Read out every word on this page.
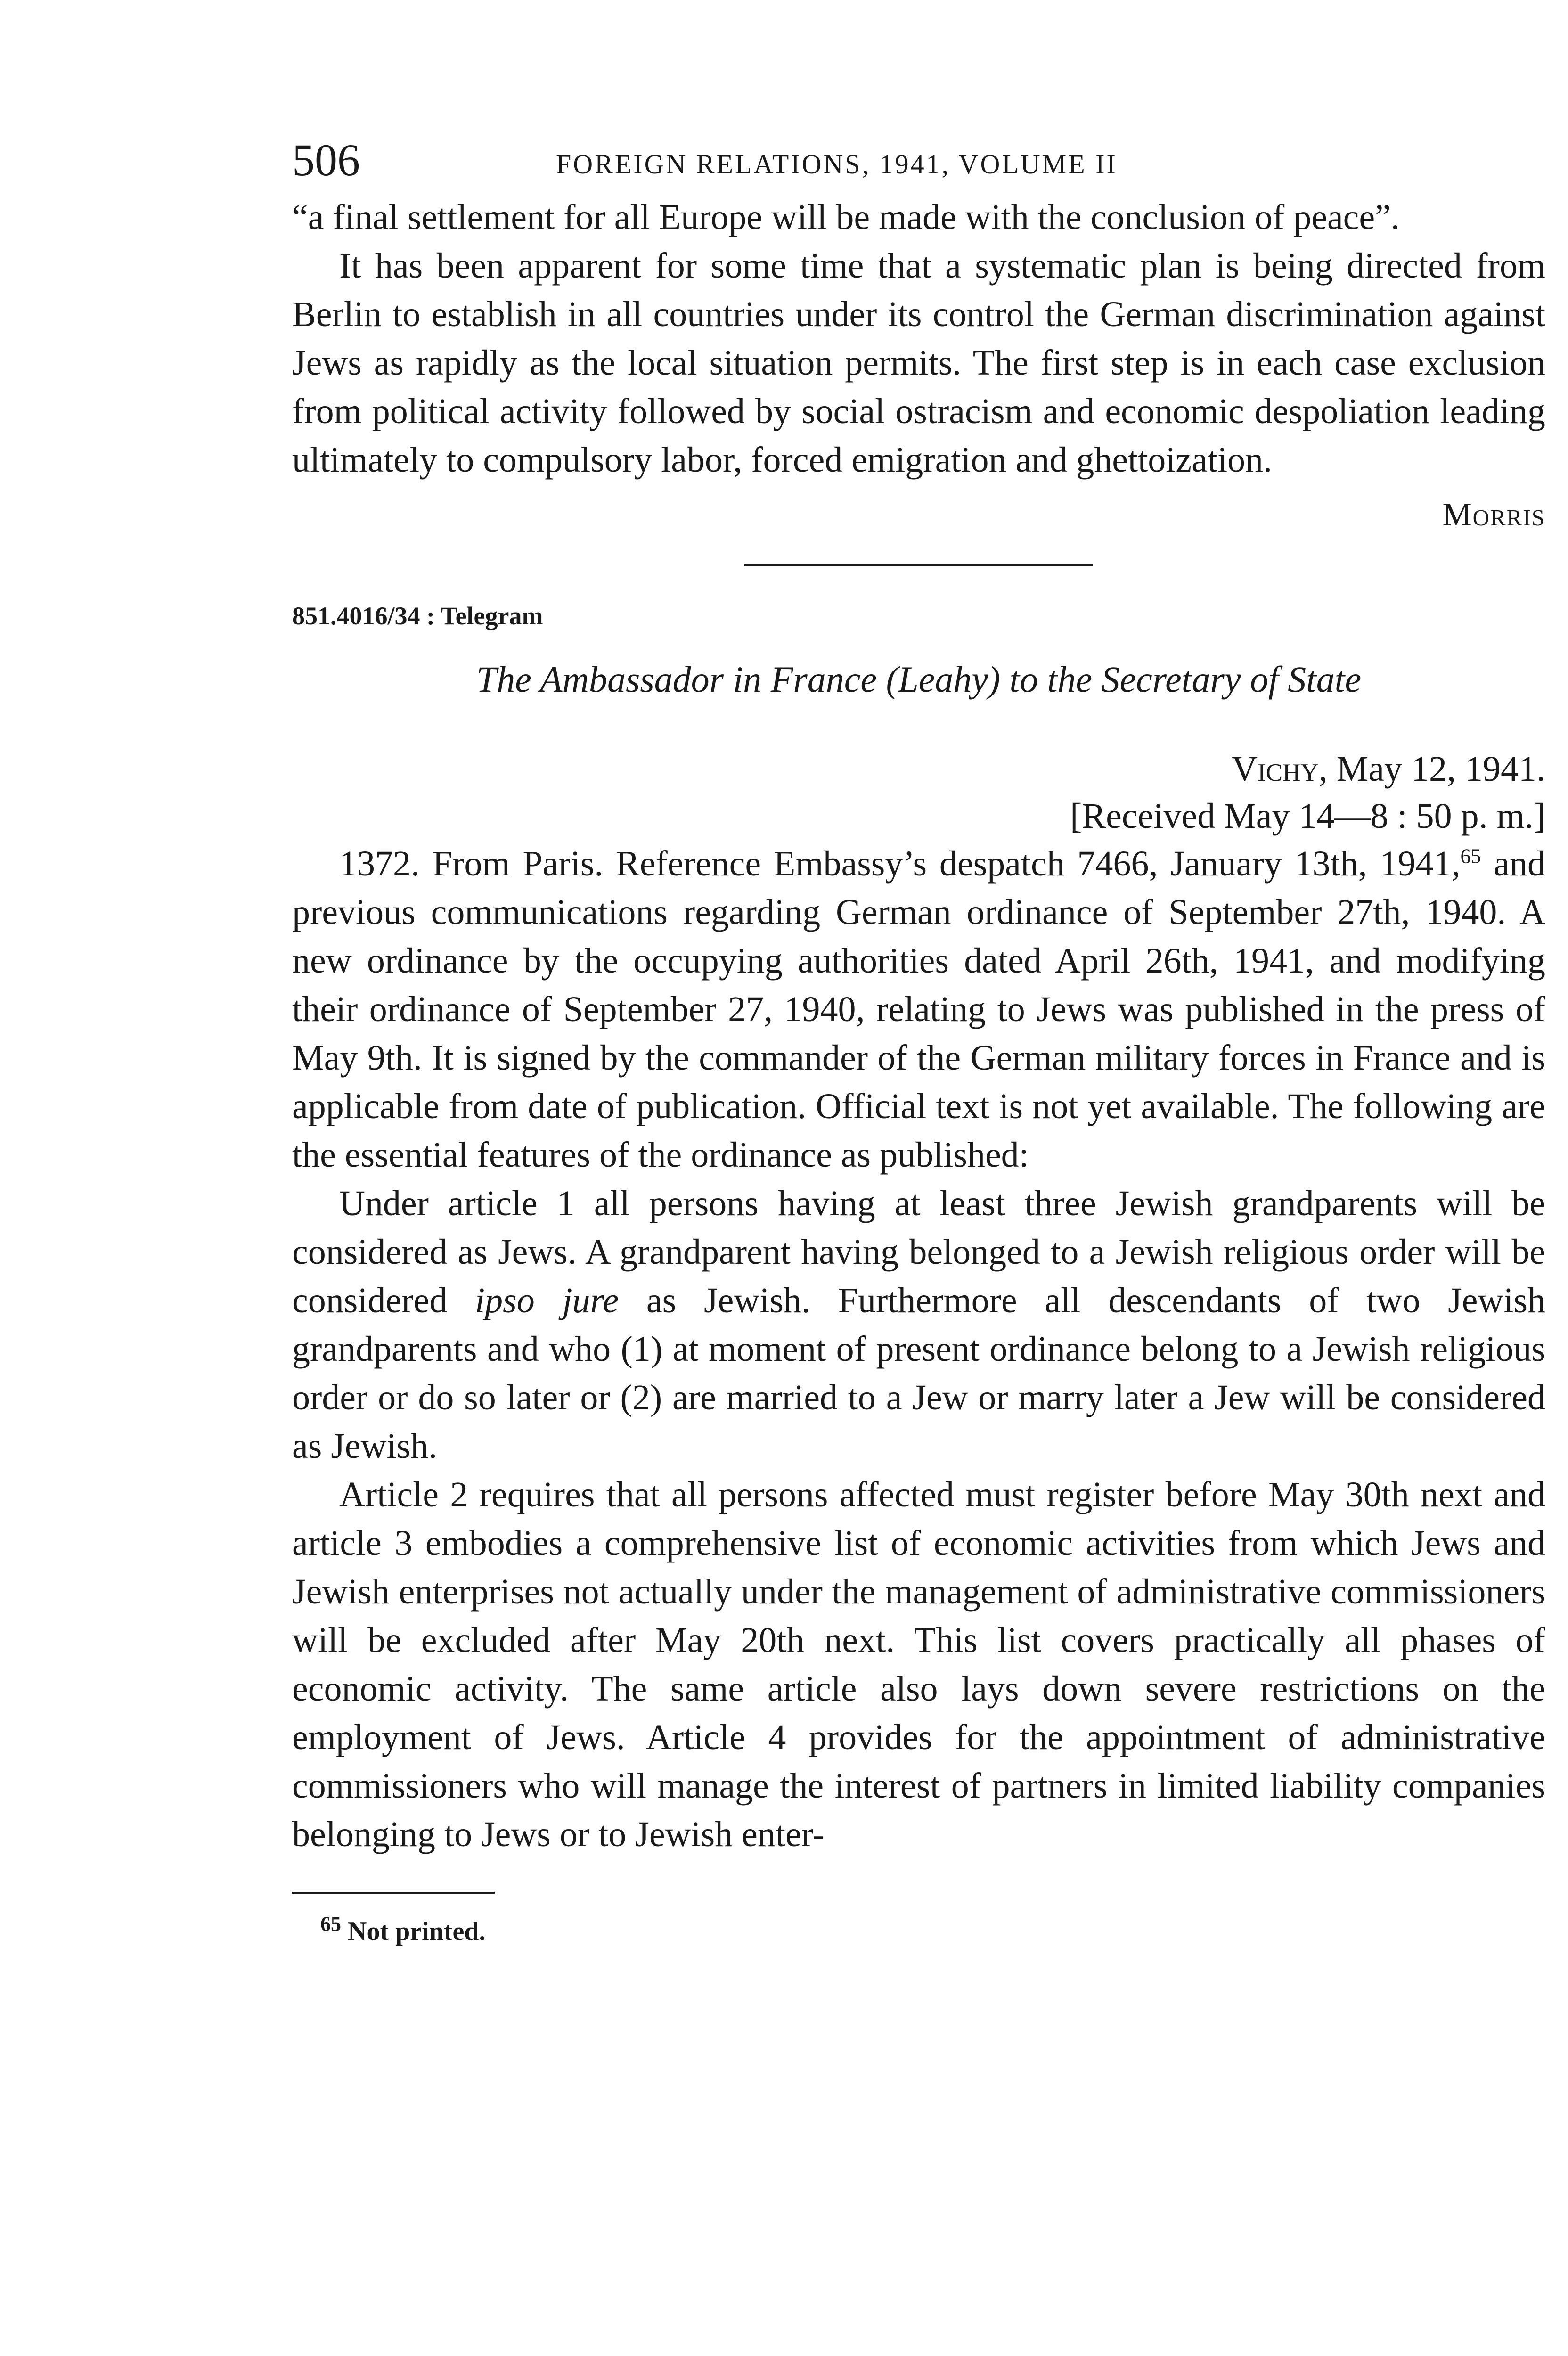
506	FOREIGN RELATIONS, 1941, VOLUME II

“a final settlement for all Europe will be made with the conclusion of peace”.

It has been apparent for some time that a systematic plan is being directed from Berlin to establish in all countries under its control the German discrimination against Jews as rapidly as the local situation permits. The first step is in each case exclusion from political activity followed by social ostracism and economic despoliation leading ultimately to compulsory labor, forced emigration and ghettoization.

Morris
851.4016/34 : Telegram
The Ambassador in France (Leahy) to the Secretary of State
Vichy, May 12, 1941.
[Received May 14—8 : 50 p. m.]

1372. From Paris. Reference Embassy’s despatch 7466, January 13th, 1941,65 and previous communications regarding German ordinance of September 27th, 1940. A new ordinance by the occupying authorities dated April 26th, 1941, and modifying their ordinance of September 27, 1940, relating to Jews was published in the press of May 9th. It is signed by the commander of the German military forces in France and is applicable from date of publication. Official text is not yet available. The following are the essential features of the ordinance as published:

Under article 1 all persons having at least three Jewish grandparents will be considered as Jews. A grandparent having belonged to a Jewish religious order will be considered ipso jure as Jewish. Furthermore all descendants of two Jewish grandparents and who (1) at moment of present ordinance belong to a Jewish religious order or do so later or (2) are married to a Jew or marry later a Jew will be considered as Jewish.

Article 2 requires that all persons affected must register before May 30th next and article 3 embodies a comprehensive list of economic activities from which Jews and Jewish enterprises not actually under the management of administrative commissioners will be excluded after May 20th next. This list covers practically all phases of economic activity. The same article also lays down severe restrictions on the employment of Jews. Article 4 provides for the appointment of administrative commissioners who will manage the interest of partners in limited liability companies belonging to Jews or to Jewish enter-

$^{65}$ Not printed.
